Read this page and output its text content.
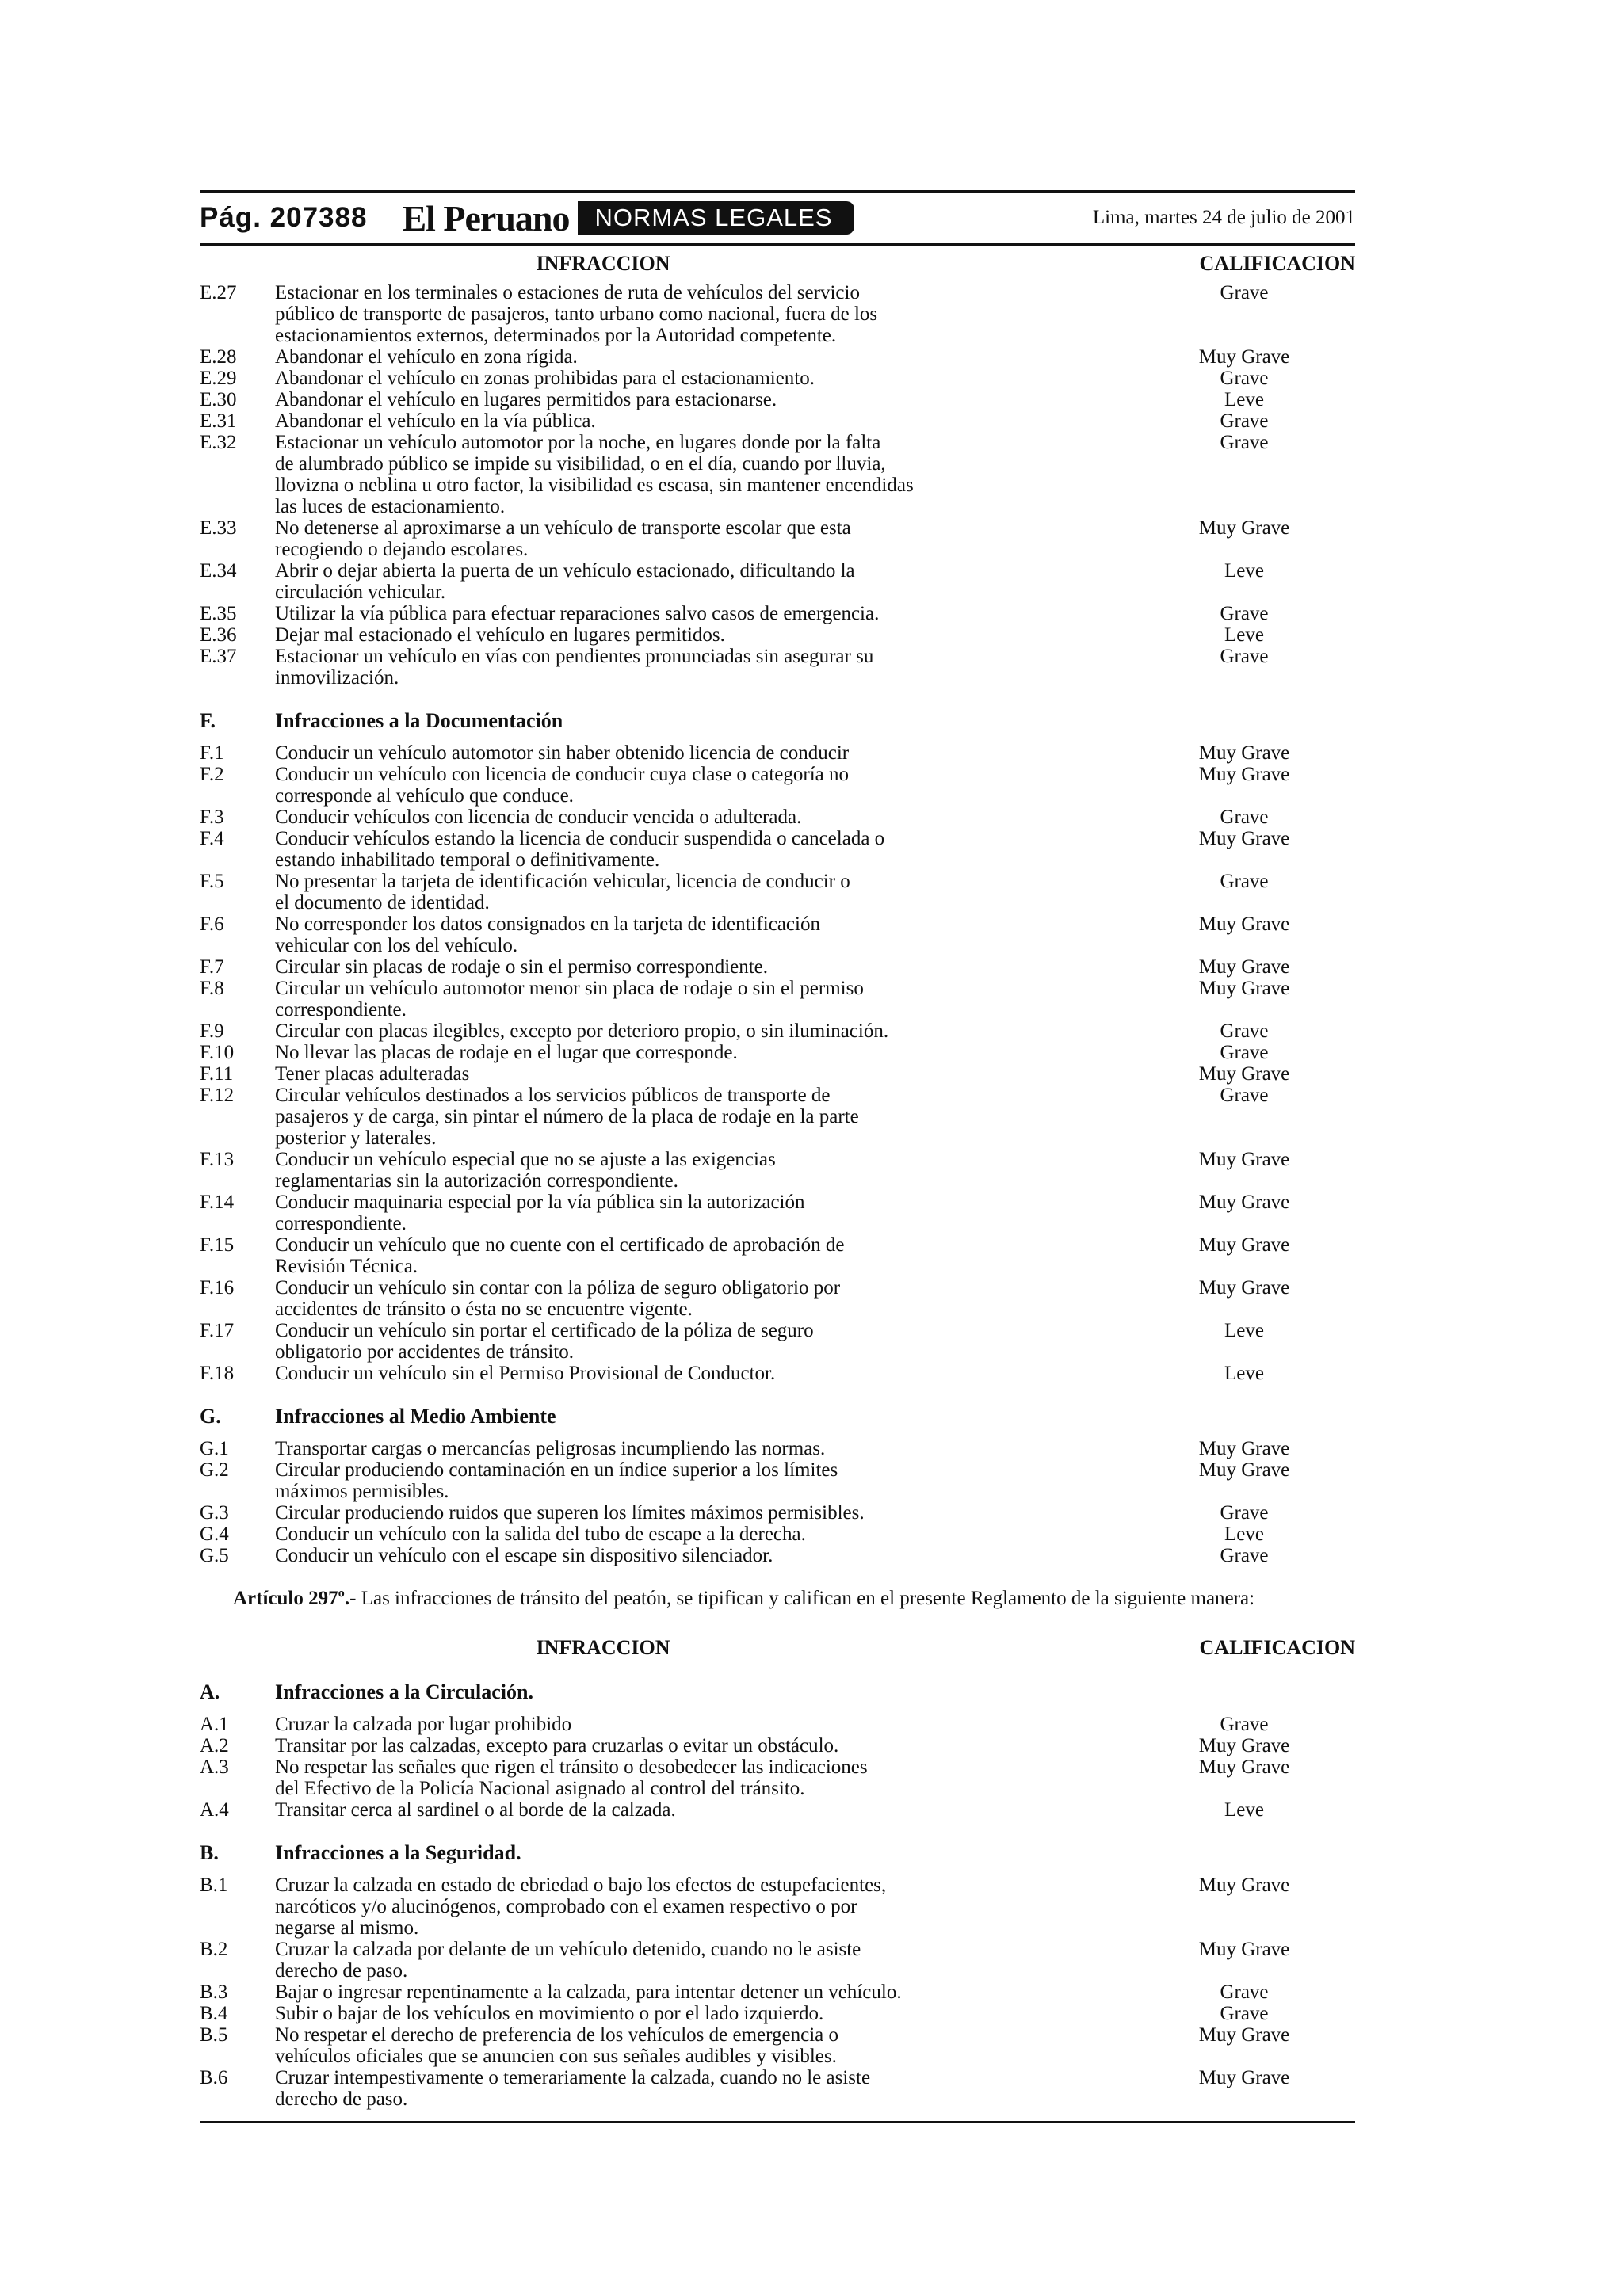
Pág. 207388 El Peruano	NORMAS LEGALES	Lima, martes 24 de julio de 2001
INFRACCION	CALIFICACION
E.27	Estacionar en los terminales o estaciones de ruta de vehículos del servicio
público de transporte de pasajeros, tanto urbano como nacional, fuera de los
estacionamientos externos, determinados por la Autoridad competente.
Grave
E.28	Abandonar el vehículo en zona rígida.	Muy Grave
E.29	Abandonar el vehículo en zonas prohibidas para el estacionamiento.	Grave
E.30	Abandonar el vehículo en lugares permitidos para estacionarse.	Leve
E.31	Abandonar el vehículo en la vía pública.	Grave
E.32	Estacionar un vehículo automotor por la noche, en lugares donde por la falta
de alumbrado público se impide su visibilidad, o en el día, cuando por lluvia,
llovizna o neblina u otro factor, la visibilidad es escasa, sin mantener encendidas
las luces de estacionamiento.
Grave
E.33	No detenerse al aproximarse a un vehículo de transporte escolar que esta
recogiendo o dejando escolares.
Muy Grave
E.34	Abrir o dejar abierta la puerta de un vehículo estacionado, dificultando la
circulación vehicular.
Leve
E.35	Utilizar la vía pública para efectuar reparaciones salvo casos de emergencia.	Grave
E.36	Dejar mal estacionado el vehículo en lugares permitidos.	Leve
E.37	Estacionar un vehículo en vías con pendientes pronunciadas sin asegurar su
inmovilización.
Grave
F.	Infracciones a la Documentación
F.1	Conducir un vehículo automotor sin haber obtenido licencia de conducir	Muy Grave
F.2	Conducir un vehículo con licencia de conducir cuya clase o categoría no
corresponde al vehículo que conduce.
Muy Grave
F.3	Conducir vehículos con licencia de conducir vencida o adulterada.	Grave
F.4	Conducir vehículos estando la licencia de conducir suspendida o cancelada o
estando inhabilitado temporal o definitivamente.
Muy Grave
F.5	No presentar la tarjeta de identificación vehicular, licencia de conducir o
el documento de identidad.
Grave
F.6	No corresponder los datos consignados en la tarjeta de identificación
vehicular con los del vehículo.
Muy Grave
F.7	Circular sin placas de rodaje o sin el permiso correspondiente.	Muy Grave
F.8	Circular un vehículo automotor menor sin placa de rodaje o sin el permiso
correspondiente.
Muy Grave
F.9	Circular con placas ilegibles, excepto por deterioro propio, o sin iluminación.	Grave
F.10	No llevar las placas de rodaje en el lugar que corresponde.	Grave
F.11	Tener placas adulteradas	Muy Grave
F.12	Circular vehículos destinados a los servicios públicos de transporte de
pasajeros y de carga, sin pintar el número de la placa de rodaje en la parte
posterior y laterales.
Grave
F.13	Conducir un vehículo especial que no se ajuste a las exigencias
reglamentarias sin la autorización correspondiente.
Muy Grave
F.14	Conducir maquinaria especial por la vía pública sin la autorización
correspondiente.
Muy Grave
F.15	Conducir un vehículo que no cuente con el certificado de aprobación de
Revisión Técnica.
Muy Grave
F.16	Conducir un vehículo sin contar con la póliza de seguro obligatorio por
accidentes de tránsito o ésta no se encuentre vigente.
Muy Grave
F.17	Conducir un vehículo sin portar el certificado de la póliza de seguro
obligatorio por accidentes de tránsito.
Leve
F.18	Conducir un vehículo sin el Permiso Provisional de Conductor.	Leve
G.	Infracciones al Medio Ambiente
G.1	Transportar cargas o mercancías peligrosas incumpliendo las normas.	Muy Grave
G.2	Circular produciendo contaminación en un índice superior a los límites
máximos permisibles.
Muy Grave
G.3	Circular produciendo ruidos que superen los límites máximos permisibles.	Grave
G.4	Conducir un vehículo con la salida del tubo de escape a la derecha.	Leve
G.5	Conducir un vehículo con el escape sin dispositivo silenciador.	Grave

Artículo 297º.- Las infracciones de tránsito del peatón, se tipifican y califican en el presente Reglamento de la siguiente manera:

INFRACCION	CALIFICACION
A.	Infracciones a la Circulación.
A.1	Cruzar la calzada por lugar prohibido	Grave
A.2	Transitar por las calzadas, excepto para cruzarlas o evitar un obstáculo.	Muy Grave
A.3	No respetar las señales que rigen el tránsito o desobedecer las indicaciones
del Efectivo de la Policía Nacional asignado al control del tránsito.
Muy Grave
A.4	Transitar cerca al sardinel o al borde de la calzada.	Leve
B.	Infracciones a la Seguridad.
B.1	Cruzar la calzada en estado de ebriedad o bajo los efectos de estupefacientes,
narcóticos y/o alucinógenos, comprobado con el examen respectivo o por
negarse al mismo.
Muy Grave
B.2	Cruzar la calzada por delante de un vehículo detenido, cuando no le asiste
derecho de paso.
Muy Grave
B.3	Bajar o ingresar repentinamente a la calzada, para intentar detener un vehículo.	Grave
B.4	Subir o bajar de los vehículos en movimiento o por el lado izquierdo.	Grave
B.5	No respetar el derecho de preferencia de los vehículos de emergencia o
vehículos oficiales que se anuncien con sus señales audibles y visibles.
Muy Grave
B.6	Cruzar intempestivamente o temerariamente la calzada, cuando no le asiste
derecho de paso.
Muy Grave
